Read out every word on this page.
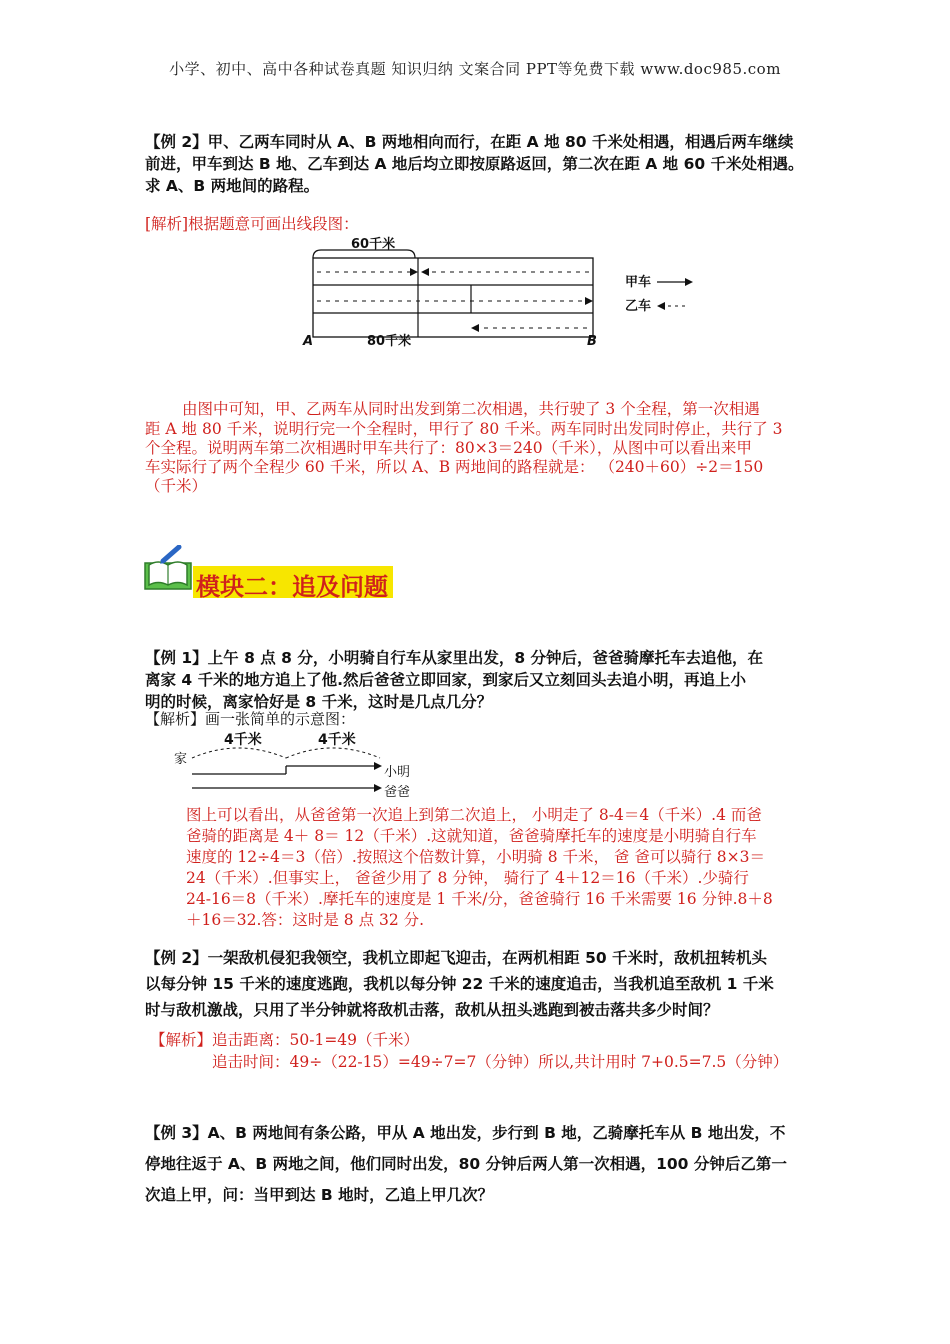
小学、初中、高中各种试卷真题 知识归纳 文案合同 PPT等免费下载 www.doc985.com
【例 2】甲、乙两车同时从 A、B 两地相向而行，在距 A 地 80 千米处相遇，相遇后两车继续
前进，甲车到达 B 地、乙车到达 A 地后均立即按原路返回，第二次在距 A 地 60 千米处相遇。
求 A、B 两地间的路程。
[解析]根据题意可画出线段图：
60千米
A	80千米	B
甲车
乙车
由图中可知，甲、乙两车从同时出发到第二次相遇，共行驶了 3 个全程，第一次相遇
距 A 地 80 千米，说明行完一个全程时，甲行了 80 千米。两车同时出发同时停止，共行了 3
个全程。说明两车第二次相遇时甲车共行了：80×3＝240（千米），从图中可以看出来甲
车实际行了两个全程少 60 千米，所以 A、B 两地间的路程就是： （240＋60）÷2＝150
（千米）
模块二：追及问题
【例 1】上午 8 点 8 分，小明骑自行车从家里出发，8 分钟后，爸爸骑摩托车去追他，在
离家 4 千米的地方追上了他.然后爸爸立即回家，到家后又立刻回头去追小明，再追上小
明的时候，离家恰好是 8 千米，这时是几点几分？
【解析】画一张简单的示意图：
家
4千米	4千米
小明
爸爸
图上可以看出，从爸爸第一次追上到第二次追上， 小明走了 8-4＝4（千米）.4 而爸
爸骑的距离是 4＋ 8＝ 12（千米）.这就知道，爸爸骑摩托车的速度是小明骑自行车
速度的 12÷4＝3（倍）.按照这个倍数计算，小明骑 8 千米， 爸 爸可以骑行 8×3＝
24（千米）.但事实上， 爸爸少用了 8 分钟， 骑行了 4＋12＝16（千米）.少骑行
24-16＝8（千米）.摩托车的速度是 1 千米/分，爸爸骑行 16 千米需要 16 分钟.8＋8
＋16＝32.答：这时是 8 点 32 分.
【例 2】一架敌机侵犯我领空，我机立即起飞迎击，在两机相距 50 千米时，敌机扭转机头
以每分钟 15 千米的速度逃跑，我机以每分钟 22 千米的速度追击，当我机追至敌机 1 千米
时与敌机激战，只用了半分钟就将敌机击落，敌机从扭头逃跑到被击落共多少时间？
【解析】 追击距离：50-1=49（千米）
追击时间：49÷（22-15）=49÷7=7（分钟）所以,共计用时 7+0.5=7.5（分钟）
【例 3】A、B 两地间有条公路，甲从 A 地出发，步行到 B 地，乙骑摩托车从 B 地出发，不
停地往返于 A、B 两地之间，他们同时出发，80 分钟后两人第一次相遇，100 分钟后乙第一
次追上甲，问：当甲到达 B 地时，乙追上甲几次？
